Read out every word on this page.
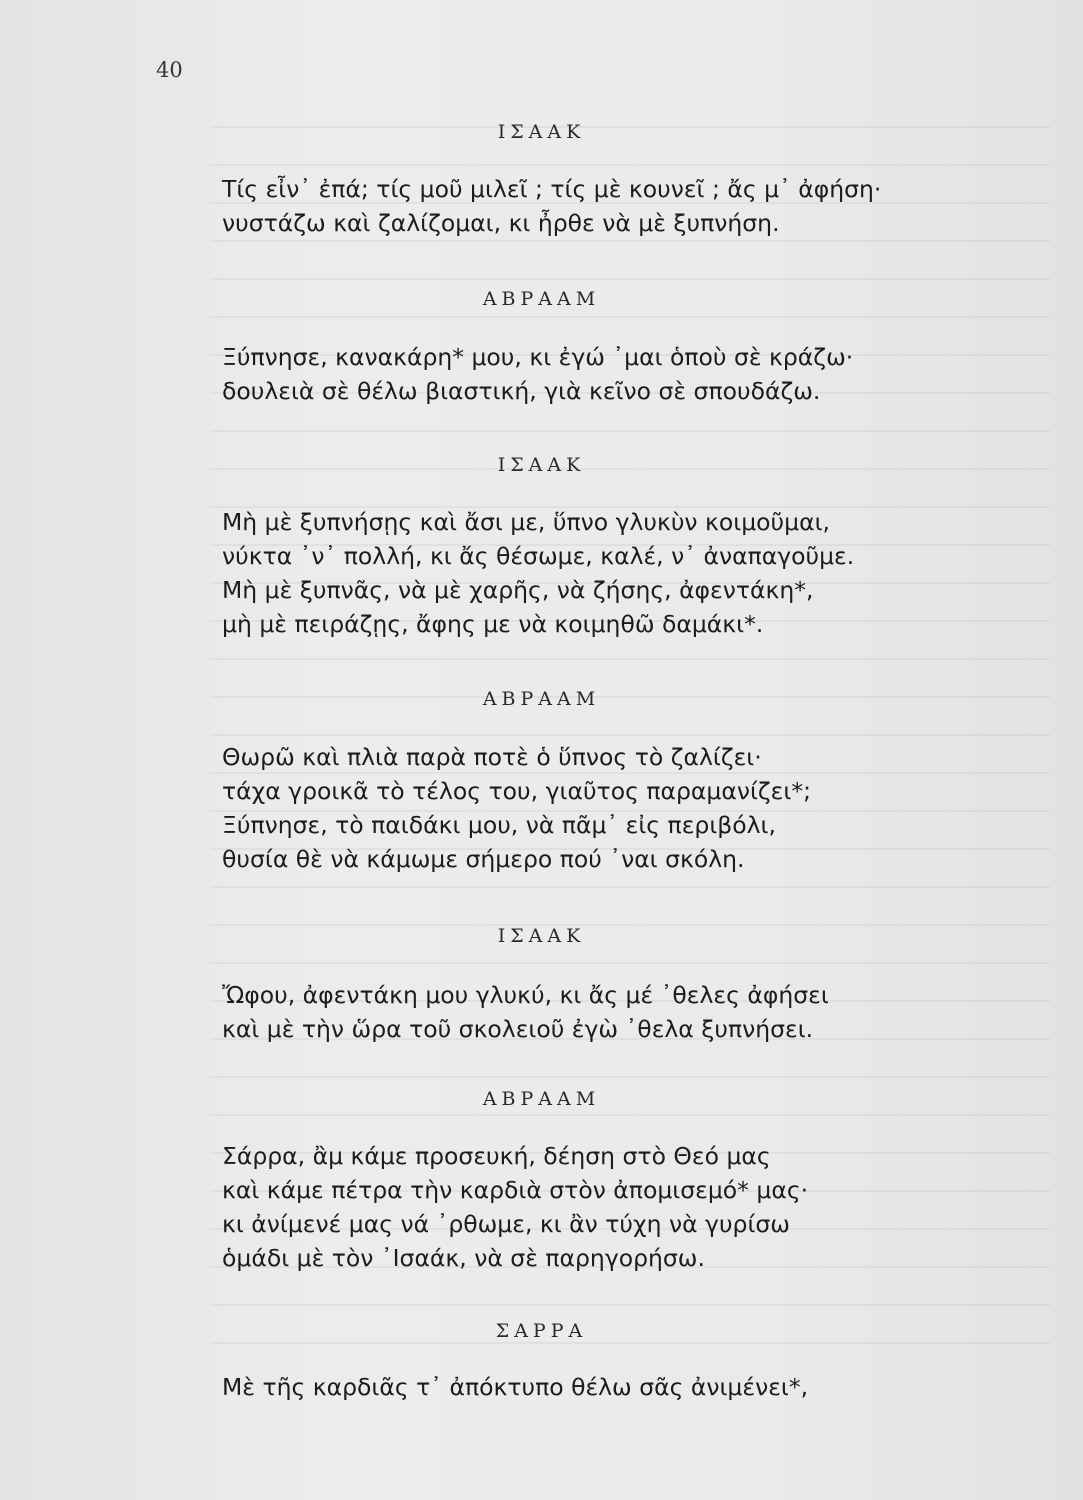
40
ΙΣΑΑΚ
Τίς εἶν᾽ ἐπά; τίς μοῦ μιλεῖ ; τίς μὲ κουνεῖ ; ἄς μ᾽ ἀφήση·
νυστάζω καὶ ζαλίζομαι, κι ἦρθε νὰ μὲ ξυπνήση.
ΑΒΡΑΑΜ
Ξύπνησε, κανακάρη* μου, κι ἐγώ ᾽μαι ὁποὺ σὲ κράζω·
δουλειὰ σὲ θέλω βιαστική, γιὰ κεῖνο σὲ σπουδάζω.
ΙΣΑΑΚ
Μὴ μὲ ξυπνήσῃς καὶ ἄσι με, ὕπνο γλυκὺν κοιμοῦμαι,
νύκτα ᾽ν᾽ πολλή, κι ἄς θέσωμε, καλέ, ν᾽ ἀναπαγοῦμε.
Μὴ μὲ ξυπνᾶς, νὰ μὲ χαρῆς, νὰ ζήσης, ἀφεντάκη*,
μὴ μὲ πειράζῃς, ἄφης με νὰ κοιμηθῶ δαμάκι*.
ΑΒΡΑΑΜ
Θωρῶ καὶ πλιὰ παρὰ ποτὲ ὁ ὕπνος τὸ ζαλίζει·
τάχα γροικᾶ τὸ τέλος του, γιαῦτος παραμανίζει*;
Ξύπνησε, τὸ παιδάκι μου, νὰ πᾶμ᾽ εἰς περιβόλι,
θυσία θὲ νὰ κάμωμε σήμερο πού ᾽ναι σκόλη.
ΙΣΑΑΚ
Ὤφου, ἀφεντάκη μου γλυκύ, κι ἄς μέ ᾽θελες ἀφήσει
καὶ μὲ τὴν ὥρα τοῦ σκολειοῦ ἐγὼ ᾽θελα ξυπνήσει.
ΑΒΡΑΑΜ
Σάρρα, ἂμ κάμε προσευκή, δέηση στὸ Θεό μας
καὶ κάμε πέτρα τὴν καρδιὰ στὸν ἀπομισεμό* μας·
κι ἀνίμενέ μας νά ᾽ρθωμε, κι ἂν τύχη νὰ γυρίσω
ὁμάδι μὲ τὸν ᾽Ισαάκ, νὰ σὲ παρηγορήσω.
ΣΑΡΡΑ
Μὲ τῆς καρδιᾶς τ᾽ ἀπόκτυπο θέλω σᾶς ἀνιμένει*,
